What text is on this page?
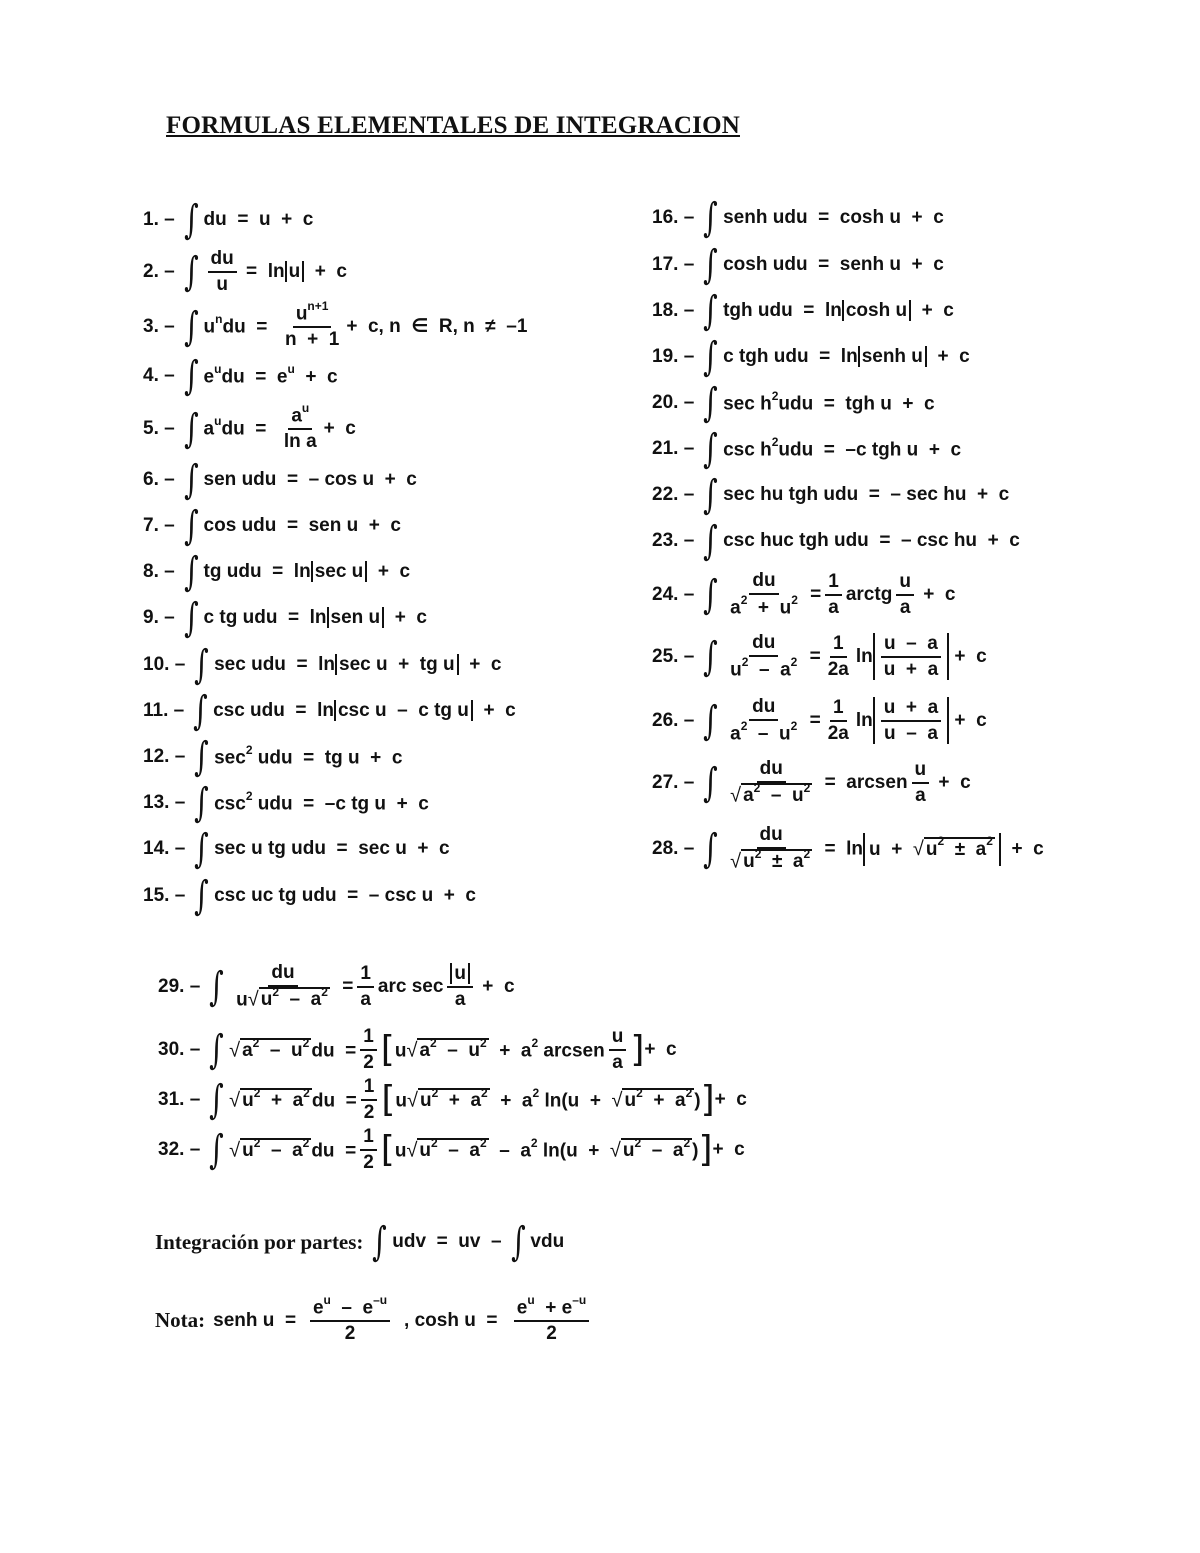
FORMULAS ELEMENTALES DE INTEGRACION
1. – ∫ du  =  u  +  c
2. – ∫ $\frac{du}{u} = \ln u + c$
3. – ∫ $u^ndu = \frac{u^{n+1}}{n + 1} + c$, n  ∈  R, n  ≠  –1
4. – ∫ $e^udu = e^u + c$
5. – ∫ $a^udu = \frac{a^u}{\text{ln a}} + c$
6. – ∫ sen udu  =  – cos u  +  c
7. – ∫ cos udu  =  sen u  +  c
8. – ∫ tg udu  =  ln sec u  +  c
9. – ∫ c tg udu  =  ln sen u  +  c
10. – ∫ sec udu  =  ln sec u  +  tg u  +  c
11. – ∫ csc udu  =  ln csc u  –  c tg u  +  c
12. – ∫ $\sec^2$ udu  =  tg u  +  c
13. – ∫ $\csc^2$ udu  =  –c tg u  +  c
14. – ∫ sec u tg udu  =  sec u  +  c
15. – ∫ csc uc tg udu  =  – csc u  +  c
16. – ∫ senh udu  =  cosh u  +  c
17. – ∫ cosh udu  =  senh u  +  c
18. – ∫ tgh udu  =  ln cosh u  +  c
19. – ∫ c tgh udu  =  ln senh u  +  c
20. – ∫ $\sec h^2udu$  =  tgh u  +  c
21. – ∫ $\csc h^2udu = -c$ tgh u  +  c
22. – ∫ sec hu tgh udu  =  – sec hu  +  c
23. – ∫ csc huc tgh udu  =  – csc hu  +  c
24. – ∫ $\frac{du}{a^2 + u^2} = \frac{1}{a}$ arctg $\frac{u}{a} + c$
25. – ∫ $\frac{du}{u^2 - a^2} = \frac{1}{2a}$ $\ln \frac{u - a}{u + a} + c$
26. – ∫ $\frac{du}{a^2 - u^2} = \frac{1}{2a}$ $\ln \frac{u + a}{u - a} + c$
27. – ∫ $\frac{du}{√ a^2 - u^2}$ =  arcsen $\frac{u}{a} + c$
28. – ∫ $\frac{du}{√ u^2 \pm a^2} = \ln u$  +  √ $u^2 \pm a^2 + c$
29. – ∫ $\frac{du}{u√ u^2 - a^2} = \frac{1}{a}$ arc $\sec \frac{u}{a} + c$
30. – ∫ √ $a^2 - u^2$ du  = $\frac{1}{2}$ [ u√ $a^2 - u^2 + a^2$ arcsen $\frac{u}{a}$ ] +  c
31. – ∫ √ $u^2 + a^2$ du  = $\frac{1}{2}$ [ u√ $u^2 + a^2 + a^2$ ln(u  +  √ $u^2 + a^2$ ) ] +  c
32. – ∫ √ $u^2 - a^2$ du  = $\frac{1}{2}$ [ u√ $u^2 - a^2 - a^2$ ln(u  +  √ $u^2 - a^2$ ) ] +  c
Integración por partes: ∫ udv  =  uv  – ∫ vdu
Nota: senh $u = \frac{e^u - e^{-u}}{2}$ , $\cosh u = \frac{e^u + e^{-u}}{2}$
